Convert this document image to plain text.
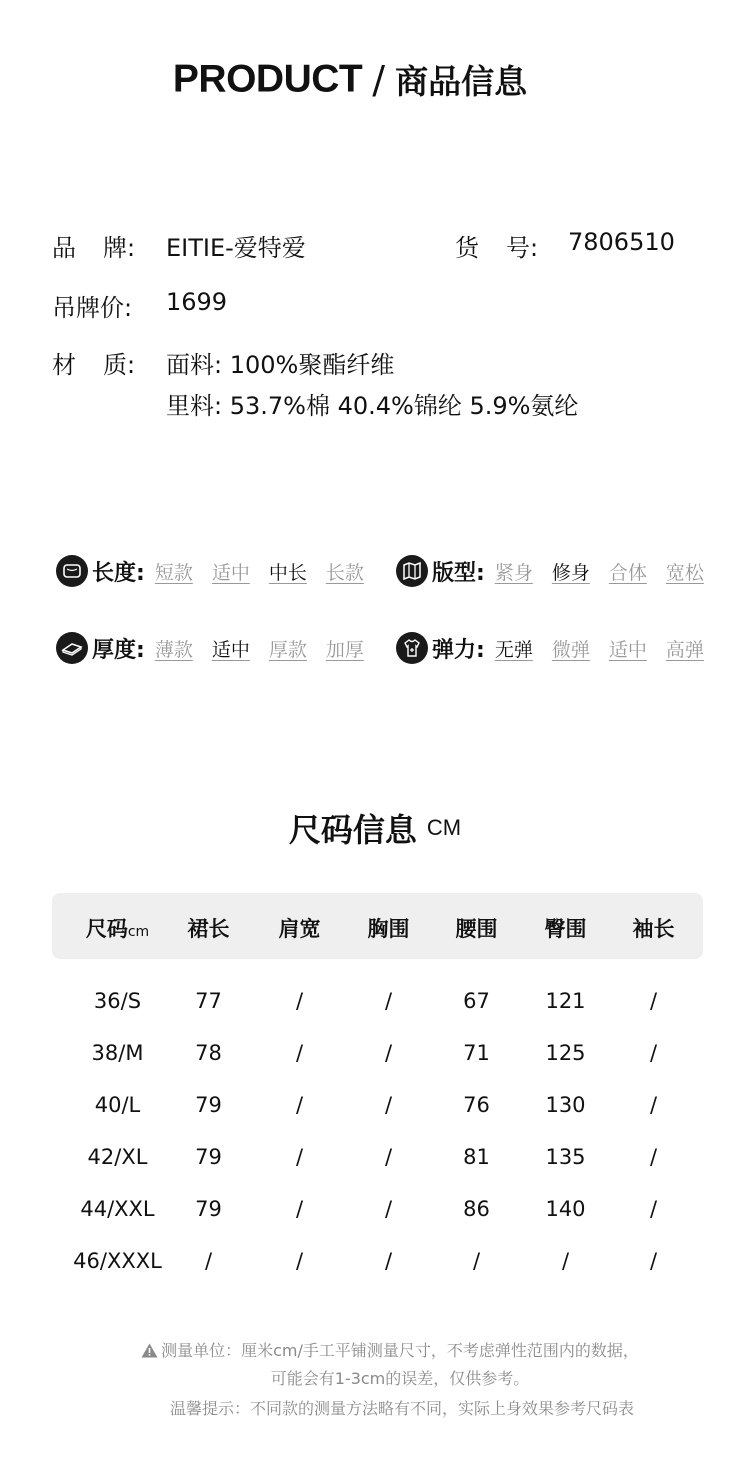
PRODUCT / 商品信息
品牌: EITIE-爱特爱	货号: 7806510
吊牌价: 1699
材质: 面料: 100%聚酯纤维
里料: 53.7%棉 40.4%锦纶 5.9%氨纶
长度: 短款 适中 中长 长款	版型: 紧身 修身 合体 宽松
厚度: 薄款 适中 厚款 加厚	弹力: 无弹 微弹 适中 高弹
尺码信息 CM
尺码cm	裙长	肩宽	胸围	腰围	臀围	袖长
36/S	77	/	/	67	121	/
38/M	78	/	/	71	125	/
40/L	79	/	/	76	130	/
42/XL	79	/	/	81	135	/
44/XXL	79	/	/	86	140	/
46/XXXL	/	/	/	/	/	/
测量单位：厘米cm/手工平铺测量尺寸，不考虑弹性范围内的数据，
可能会有1-3cm的误差，仅供参考。
温馨提示：不同款的测量方法略有不同，实际上身效果参考尺码表
